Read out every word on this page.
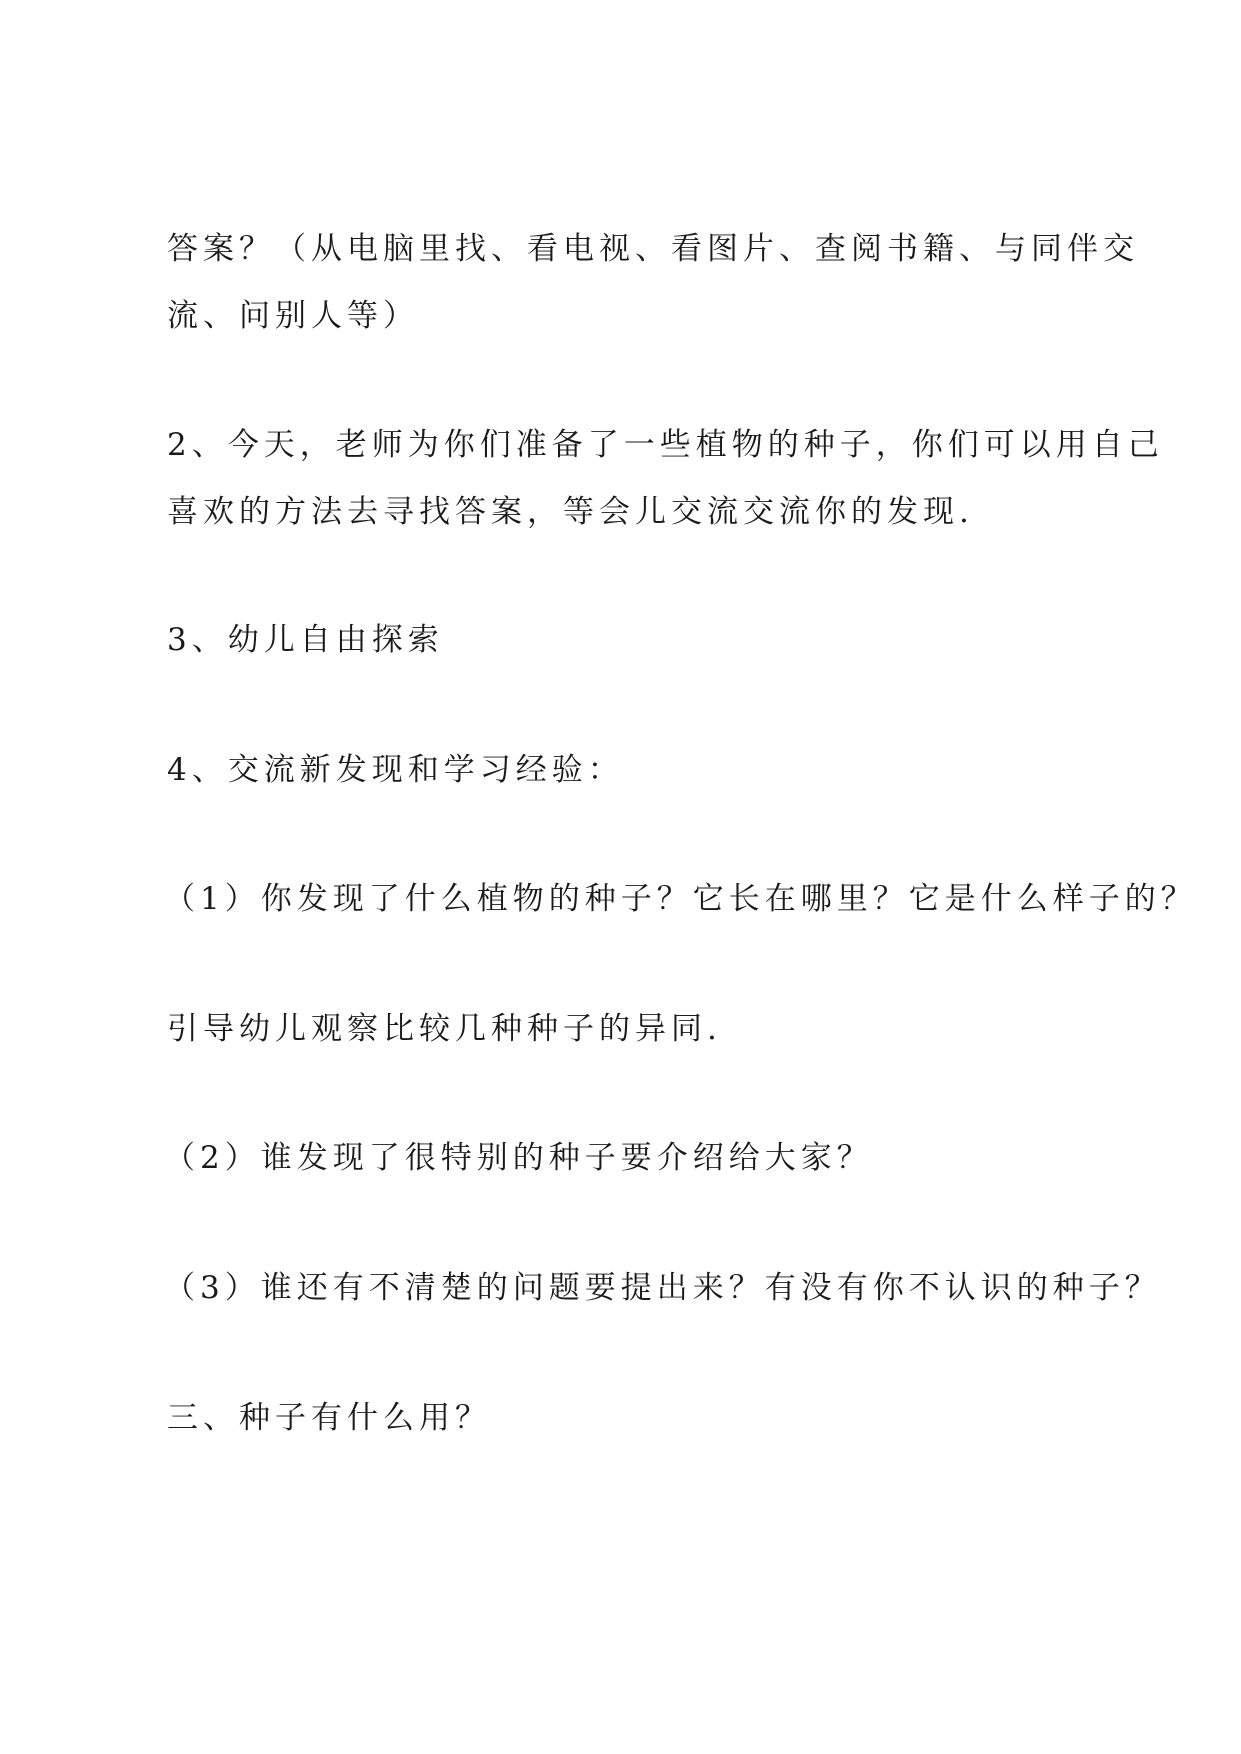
答案？（从电脑里找、看电视、看图片、查阅书籍、与同伴交
流、问别人等）
2、今天，老师为你们准备了一些植物的种子，你们可以用自己
喜欢的方法去寻找答案，等会儿交流交流你的发现.
3、幼儿自由探索
4、交流新发现和学习经验：
（1）你发现了什么植物的种子？它长在哪里？它是什么样子的？
引导幼儿观察比较几种种子的异同.
（2）谁发现了很特别的种子要介绍给大家？
（3）谁还有不清楚的问题要提出来？有没有你不认识的种子？
三、种子有什么用？
